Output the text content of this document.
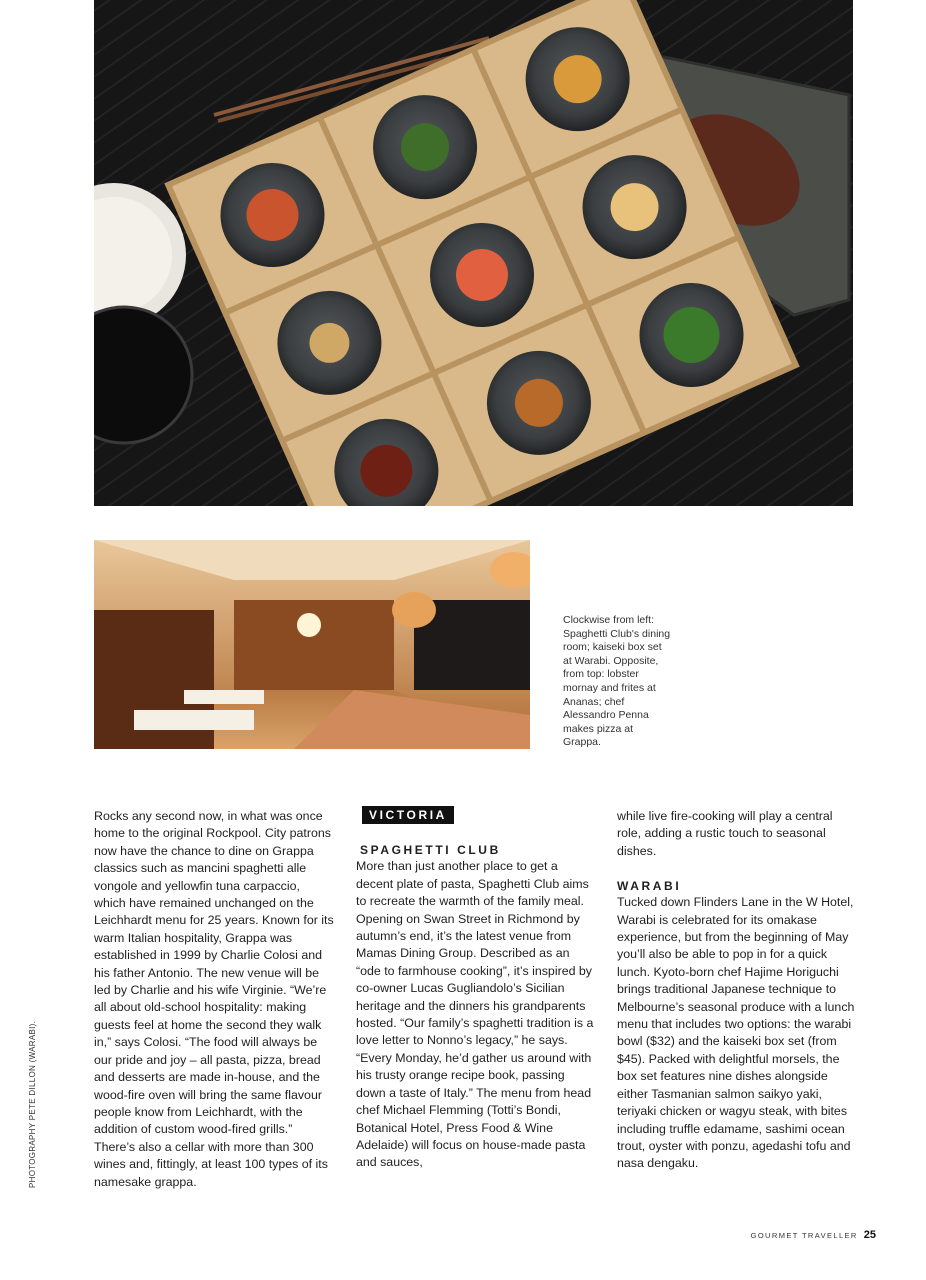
Clockwise from left: Spaghetti Club's dining room; kaiseki box set at Warabi. Opposite, from top: lobster mornay and frites at Ananas; chef Alessandro Penna makes pizza at Grappa.

Rocks any second now, in what was once home to the original Rockpool. City patrons now have the chance to dine on Grappa classics such as mancini spaghetti alle vongole and yellowfin tuna carpaccio, which have remained unchanged on the Leichhardt menu for 25 years. Known for its warm Italian hospitality, Grappa was established in 1999 by Charlie Colosi and his father Antonio. The new venue will be led by Charlie and his wife Virginie. “We’re all about old-school hospitality: making guests feel at home the second they walk in,” says Colosi. “The food will always be our pride and joy – all pasta, pizza, bread and desserts are made in-house, and the wood-fire oven will bring the same flavour people know from Leichhardt, with the addition of custom wood-fired grills.” There’s also a cellar with more than 300 wines and, fittingly, at least 100 types of its namesake grappa.

VICTORIA

SPAGHETTI CLUB

More than just another place to get a decent plate of pasta, Spaghetti Club aims to recreate the warmth of the family meal. Opening on Swan Street in Richmond by autumn’s end, it’s the latest venue from Mamas Dining Group. Described as an “ode to farmhouse cooking”, it’s inspired by co-owner Lucas Gugliandolo’s Sicilian heritage and the dinners his grandparents hosted. “Our family’s spaghetti tradition is a love letter to Nonno’s legacy,” he says. “Every Monday, he’d gather us around with his trusty orange recipe book, passing down a taste of Italy.” The menu from head chef Michael Flemming (Totti’s Bondi, Botanical Hotel, Press Food & Wine Adelaide) will focus on house-made pasta and sauces,

while live fire-cooking will play a central role, adding a rustic touch to seasonal dishes.

WARABI

Tucked down Flinders Lane in the W Hotel, Warabi is celebrated for its omakase experience, but from the beginning of May you’ll also be able to pop in for a quick lunch. Kyoto-born chef Hajime Horiguchi brings traditional Japanese technique to Melbourne’s seasonal produce with a lunch menu that includes two options: the warabi bowl ($32) and the kaiseki box set (from $45). Packed with delightful morsels, the box set features nine dishes alongside either Tasmanian salmon saikyo yaki, teriyaki chicken or wagyu steak, with bites including truffle edamame, sashimi ocean trout, oyster with ponzu, agedashi tofu and nasa dengaku.

PHOTOGRAPHY PETE DILLON (WARABI).
GOURMET TRAVELLER 25
